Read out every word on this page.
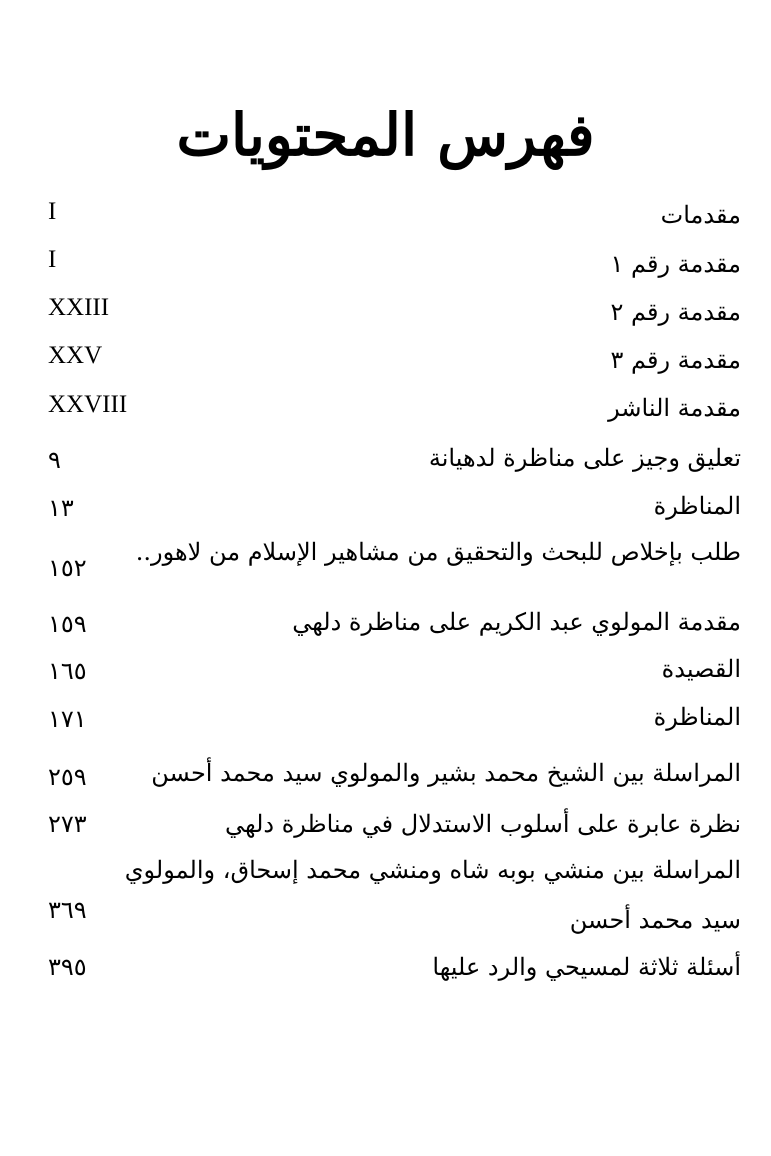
فهرس المحتويات
مقدمات
I
مقدمة رقم ١
I
مقدمة رقم ٢
XXIII
مقدمة رقم ٣
XXV
مقدمة الناشر
XXVIII
تعليق وجيز على مناظرة لدهيانة
٩
المناظرة
١٣
طلب بإخلاص للبحث والتحقيق من مشاهير الإسلام من لاهور..
١٥٢
مقدمة المولوي عبد الكريم على مناظرة دلهي
١٥٩
القصيدة
١٦٥
المناظرة
١٧١
المراسلة بين الشيخ محمد بشير والمولوي سيد محمد أحسن
٢٥٩
نظرة عابرة على أسلوب الاستدلال في مناظرة دلهي
٢٧٣
المراسلة بين منشي بوبه شاه ومنشي محمد إسحاق، والمولوي
سيد محمد أحسن
٣٦٩
أسئلة ثلاثة لمسيحي والرد عليها
٣٩٥
